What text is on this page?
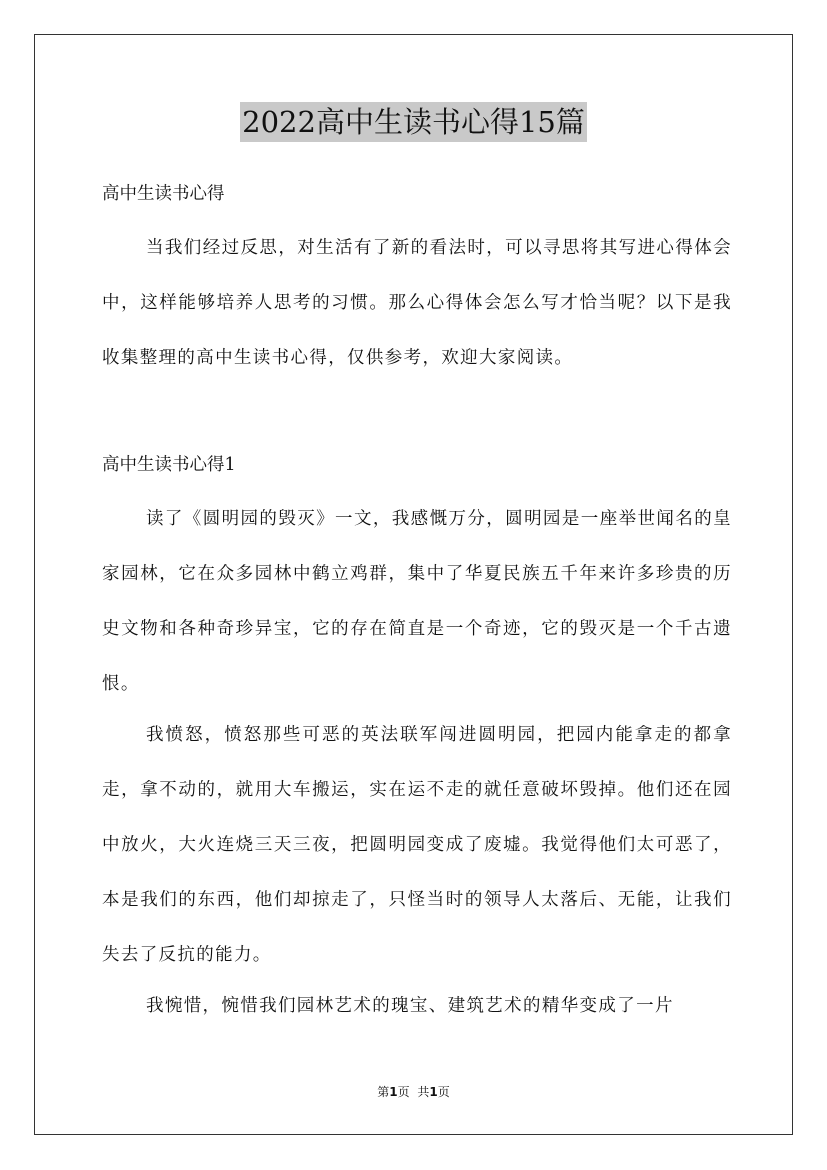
2022高中生读书心得15篇
高中生读书心得

当我们经过反思，对生活有了新的看法时，可以寻思将其写进心得体会中，这样能够培养人思考的习惯。那么心得体会怎么写才恰当呢？以下是我收集整理的高中生读书心得，仅供参考，欢迎大家阅读。

高中生读书心得1

读了《圆明园的毁灭》一文，我感慨万分，圆明园是一座举世闻名的皇家园林，它在众多园林中鹤立鸡群，集中了华夏民族五千年来许多珍贵的历史文物和各种奇珍异宝，它的存在简直是一个奇迹，它的毁灭是一个千古遗恨。

我愤怒，愤怒那些可恶的英法联军闯进圆明园，把园内能拿走的都拿走，拿不动的，就用大车搬运，实在运不走的就任意破坏毁掉。他们还在园中放火，大火连烧三天三夜，把圆明园变成了废墟。我觉得他们太可恶了，本是我们的东西，他们却掠走了，只怪当时的领导人太落后、无能，让我们失去了反抗的能力。

我惋惜，惋惜我们园林艺术的瑰宝、建筑艺术的精华变成了一片

第1页 共1页
